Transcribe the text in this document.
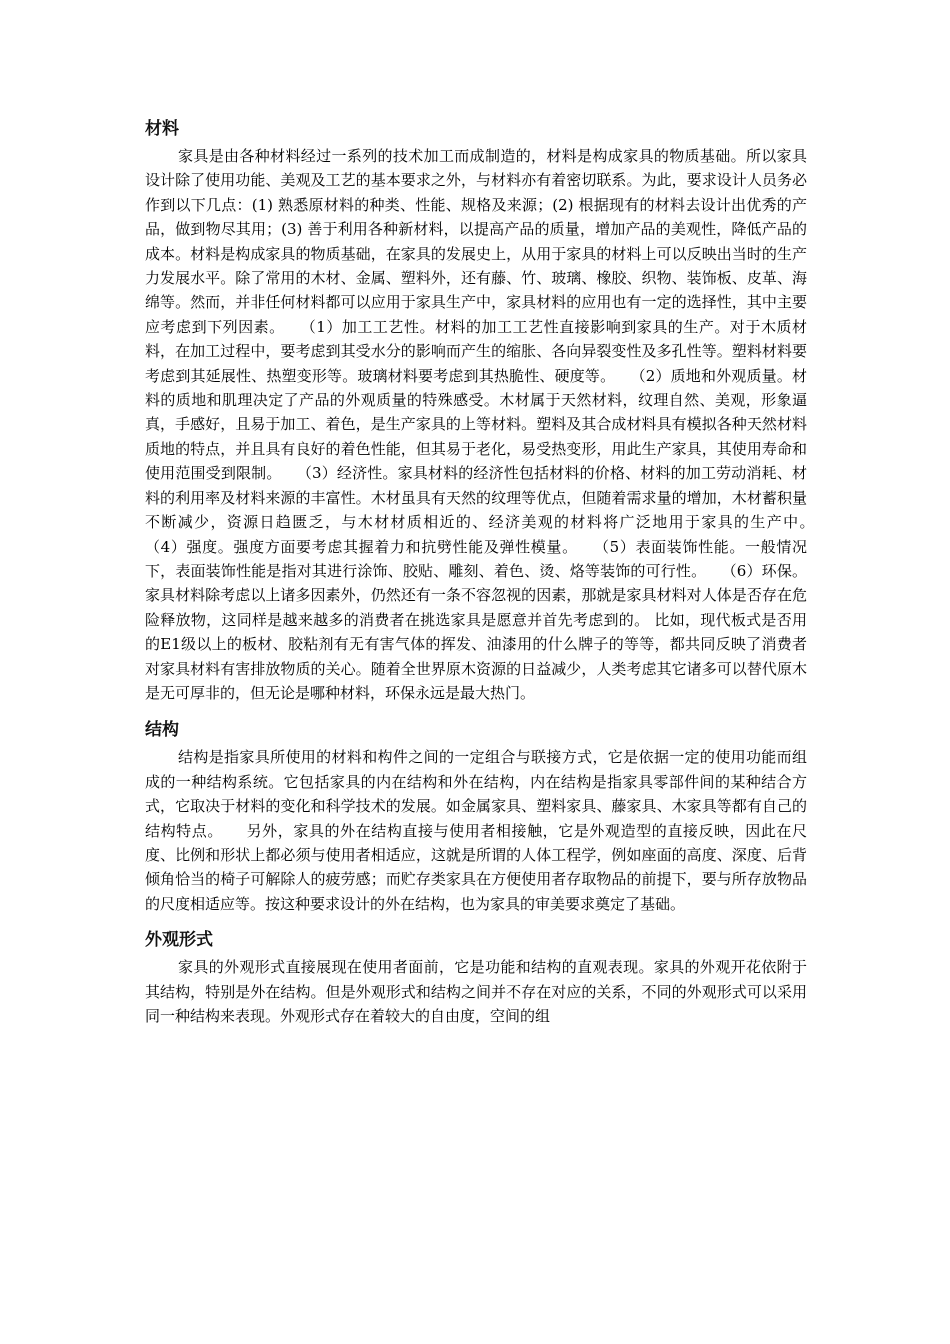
材料

家具是由各种材料经过一系列的技术加工而成制造的，材料是构成家具的物质基础。所以家具设计除了使用功能、美观及工艺的基本要求之外，与材料亦有着密切联系。为此，要求设计人员务必作到以下几点：(1) 熟悉原材料的种类、性能、规格及来源；(2) 根据现有的材料去设计出优秀的产品，做到物尽其用；(3) 善于利用各种新材料，以提高产品的质量，增加产品的美观性，降低产品的成本。材料是构成家具的物质基础，在家具的发展史上，从用于家具的材料上可以反映出当时的生产力发展水平。除了常用的木材、金属、塑料外，还有藤、竹、玻璃、橡胶、织物、装饰板、皮革、海绵等。然而，并非任何材料都可以应用于家具生产中，家具材料的应用也有一定的选择性，其中主要应考虑到下列因素。　　（1）加工工艺性。材料的加工工艺性直接影响到家具的生产。对于木质材料，在加工过程中，要考虑到其受水分的影响而产生的缩胀、各向异裂变性及多孔性等。塑料材料要考虑到其延展性、热塑变形等。玻璃材料要考虑到其热脆性、硬度等。　　（2）质地和外观质量。材料的质地和肌理决定了产品的外观质量的特殊感受。木材属于天然材料，纹理自然、美观，形象逼真，手感好，且易于加工、着色，是生产家具的上等材料。塑料及其合成材料具有模拟各种天然材料质地的特点，并且具有良好的着色性能，但其易于老化，易受热变形，用此生产家具，其使用寿命和使用范围受到限制。　　（3）经济性。家具材料的经济性包括材料的价格、材料的加工劳动消耗、材料的利用率及材料来源的丰富性。木材虽具有天然的纹理等优点，但随着需求量的增加，木材蓄积量不断减少，资源日趋匮乏，与木材材质相近的、经济美观的材料将广泛地用于家具的生产中。　　（4）强度。强度方面要考虑其握着力和抗劈性能及弹性模量。　　（5）表面装饰性能。一般情况下，表面装饰性能是指对其进行涂饰、胶贴、雕刻、着色、烫、烙等装饰的可行性。　　（6）环保。家具材料除考虑以上诸多因素外，仍然还有一条不容忽视的因素，那就是家具材料对人体是否存在危险释放物，这同样是越来越多的消费者在挑选家具是愿意并首先考虑到的。 比如，现代板式是否用的E1级以上的板材、胶粘剂有无有害气体的挥发、油漆用的什么牌子的等等，都共同反映了消费者对家具材料有害排放物质的关心。随着全世界原木资源的日益减少，人类考虑其它诸多可以替代原木是无可厚非的，但无论是哪种材料，环保永远是最大热门。

结构

结构是指家具所使用的材料和构件之间的一定组合与联接方式，它是依据一定的使用功能而组成的一种结构系统。它包括家具的内在结构和外在结构，内在结构是指家具零部件间的某种结合方式，它取决于材料的变化和科学技术的发展。如金属家具、塑料家具、藤家具、木家具等都有自己的结构特点。　　另外，家具的外在结构直接与使用者相接触，它是外观造型的直接反映，因此在尺度、比例和形状上都必须与使用者相适应，这就是所谓的人体工程学，例如座面的高度、深度、后背倾角恰当的椅子可解除人的疲劳感；而贮存类家具在方便使用者存取物品的前提下，要与所存放物品的尺度相适应等。按这种要求设计的外在结构，也为家具的审美要求奠定了基础。

外观形式

家具的外观形式直接展现在使用者面前，它是功能和结构的直观表现。家具的外观开花依附于其结构，特别是外在结构。但是外观形式和结构之间并不存在对应的关系，不同的外观形式可以采用同一种结构来表现。外观形式存在着较大的自由度，空间的组
